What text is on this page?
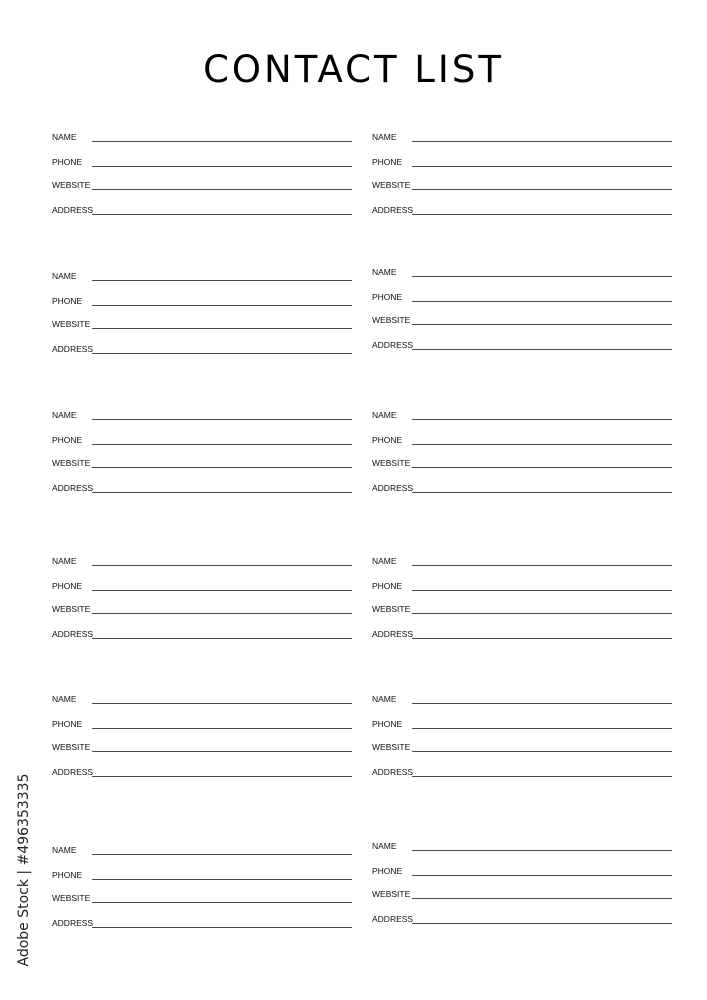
CONTACT LIST
NAME
PHONE
WEBSITE
ADDRESS
NAME
PHONE
WEBSITE
ADDRESS
NAME
PHONE
WEBSITE
ADDRESS
NAME
PHONE
WEBSITE
ADDRESS
NAME
PHONE
WEBSITE
ADDRESS
NAME
PHONE
WEBSITE
ADDRESS
NAME
PHONE
WEBSITE
ADDRESS
NAME
PHONE
WEBSITE
ADDRESS
NAME
PHONE
WEBSITE
ADDRESS
NAME
PHONE
WEBSITE
ADDRESS
NAME
PHONE
WEBSITE
ADDRESS
NAME
PHONE
WEBSITE
ADDRESS
Adobe Stock | #496353335
